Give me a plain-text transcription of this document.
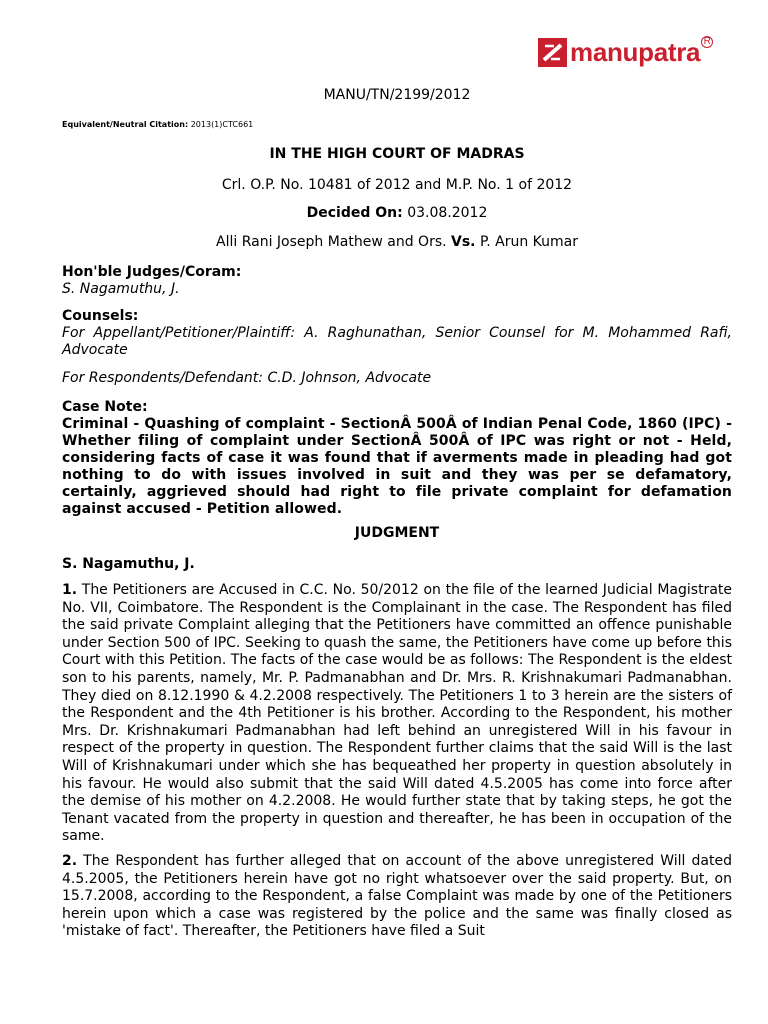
manupatra R
MANU/TN/2199/2012
Equivalent/Neutral Citation: 2013(1)CTC661
IN THE HIGH COURT OF MADRAS
Crl. O.P. No. 10481 of 2012 and M.P. No. 1 of 2012
Decided On: 03.08.2012
Alli Rani Joseph Mathew and Ors. Vs. P. Arun Kumar
Hon'ble Judges/Coram:
S. Nagamuthu, J.
Counsels:
For Appellant/Petitioner/Plaintiff: A. Raghunathan, Senior Counsel for M. Mohammed Rafi, Advocate
For Respondents/Defendant: C.D. Johnson, Advocate
Case Note:
Criminal - Quashing of complaint - SectionÂ 500Â of Indian Penal Code, 1860 (IPC) - Whether filing of complaint under SectionÂ 500Â of IPC was right or not - Held, considering facts of case it was found that if averments made in pleading had got nothing to do with issues involved in suit and they was per se defamatory, certainly, aggrieved should had right to file private complaint for defamation against accused - Petition allowed.
JUDGMENT
S. Nagamuthu, J.
1. The Petitioners are Accused in C.C. No. 50/2012 on the file of the learned Judicial Magistrate No. VII, Coimbatore. The Respondent is the Complainant in the case. The Respondent has filed the said private Complaint alleging that the Petitioners have committed an offence punishable under Section 500 of IPC. Seeking to quash the same, the Petitioners have come up before this Court with this Petition. The facts of the case would be as follows: The Respondent is the eldest son to his parents, namely, Mr. P. Padmanabhan and Dr. Mrs. R. Krishnakumari Padmanabhan. They died on 8.12.1990 & 4.2.2008 respectively. The Petitioners 1 to 3 herein are the sisters of the Respondent and the 4th Petitioner is his brother. According to the Respondent, his mother Mrs. Dr. Krishnakumari Padmanabhan had left behind an unregistered Will in his favour in respect of the property in question. The Respondent further claims that the said Will is the last Will of Krishnakumari under which she has bequeathed her property in question absolutely in his favour. He would also submit that the said Will dated 4.5.2005 has come into force after the demise of his mother on 4.2.2008. He would further state that by taking steps, he got the Tenant vacated from the property in question and thereafter, he has been in occupation of the same.
2. The Respondent has further alleged that on account of the above unregistered Will dated 4.5.2005, the Petitioners herein have got no right whatsoever over the said property. But, on 15.7.2008, according to the Respondent, a false Complaint was made by one of the Petitioners herein upon which a case was registered by the police and the same was finally closed as 'mistake of fact'. Thereafter, the Petitioners have filed a Suit
